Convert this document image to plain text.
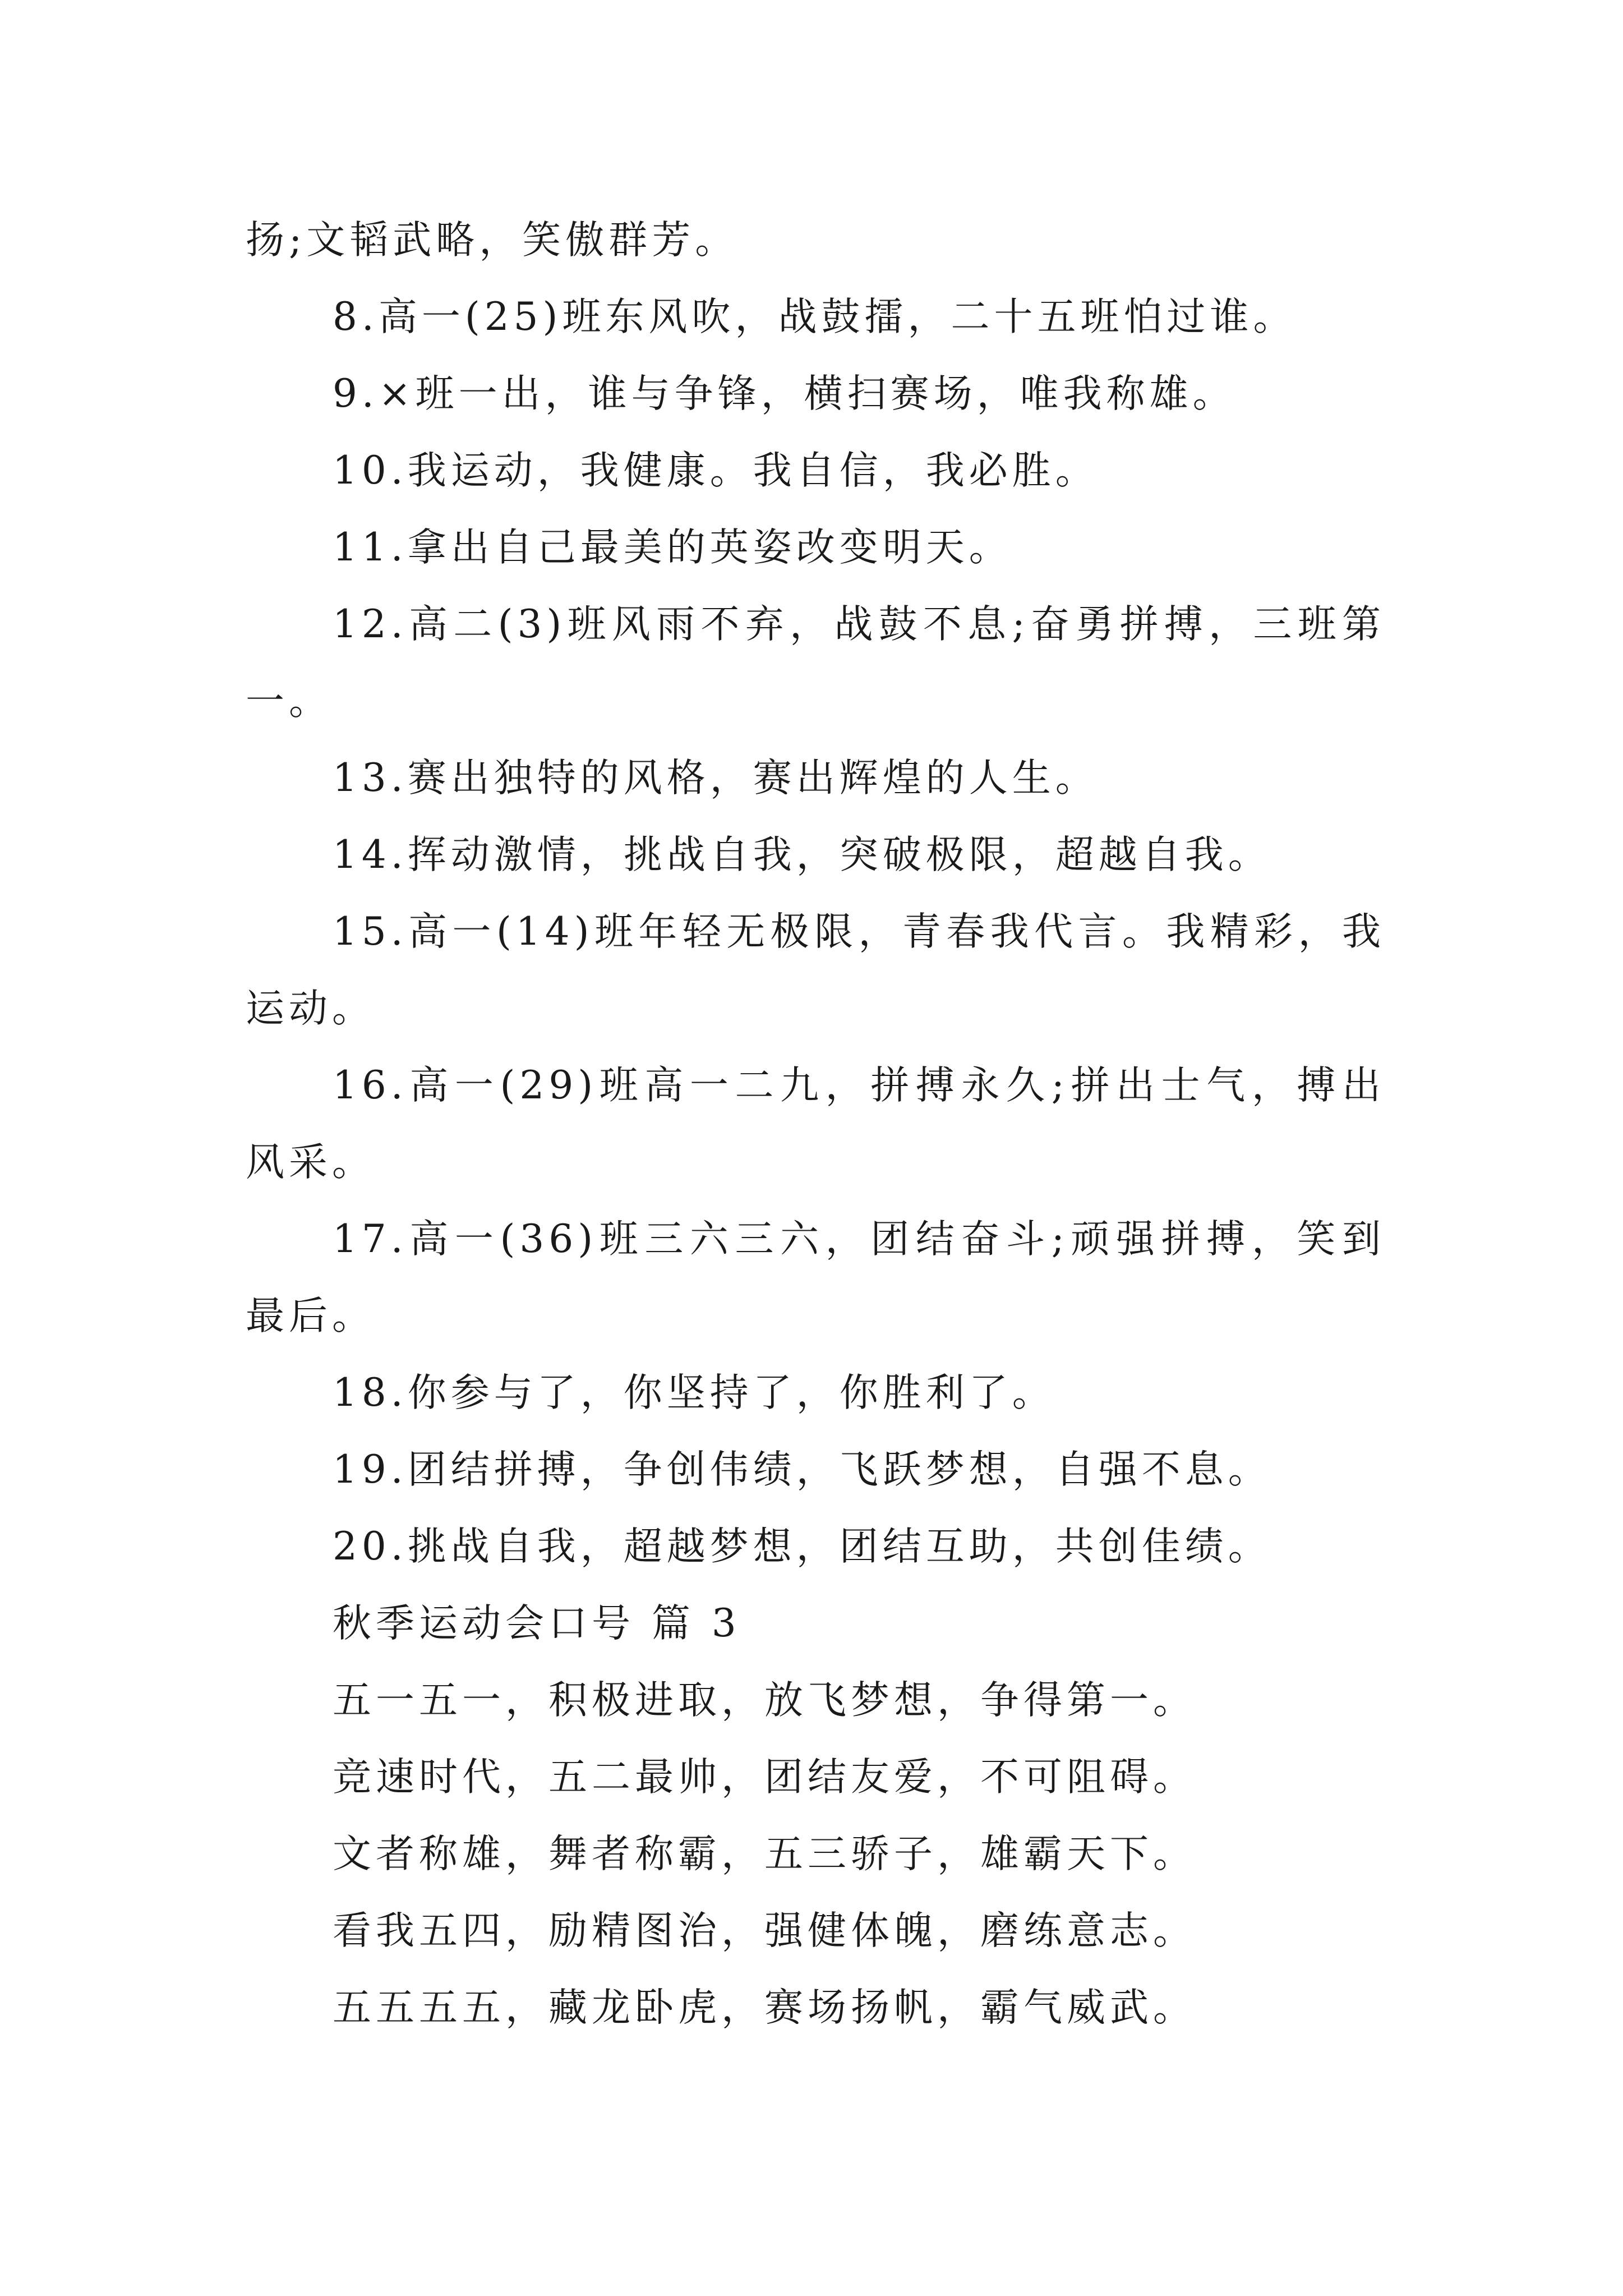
扬;文韬武略，笑傲群芳。

8.高一(25)班东风吹，战鼓擂，二十五班怕过谁。

9.×班一出，谁与争锋，横扫赛场，唯我称雄。

10.我运动，我健康。我自信，我必胜。

11.拿出自己最美的英姿改变明天。

12.高二(3)班风雨不弃，战鼓不息;奋勇拼搏，三班第一。

13.赛出独特的风格，赛出辉煌的人生。

14.挥动激情，挑战自我，突破极限，超越自我。

15.高一(14)班年轻无极限，青春我代言。我精彩，我运动。

16.高一(29)班高一二九，拼搏永久;拼出士气，搏出风采。

17.高一(36)班三六三六，团结奋斗;顽强拼搏，笑到最后。

18.你参与了，你坚持了，你胜利了。

19.团结拼搏，争创伟绩，飞跃梦想，自强不息。

20.挑战自我，超越梦想，团结互助，共创佳绩。

秋季运动会口号 篇 3

五一五一，积极进取，放飞梦想，争得第一。

竞速时代，五二最帅，团结友爱，不可阻碍。

文者称雄，舞者称霸，五三骄子，雄霸天下。

看我五四，励精图治，强健体魄，磨练意志。

五五五五，藏龙卧虎，赛场扬帆，霸气威武。
